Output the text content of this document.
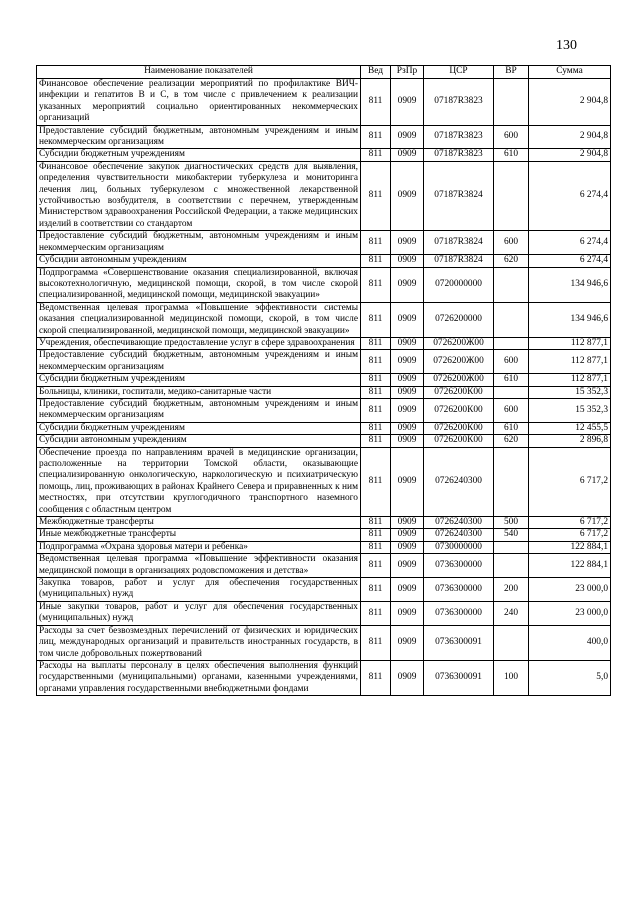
130
Наименование показателей	Вед	РзПр	ЦСР	ВР	Сумма
Финансовое обеспечение реализации мероприятий по профилактике ВИЧ-инфекции и гепатитов В и С, в том числе с привлечением к реализации указанных мероприятий социально ориентированных некоммерческих организаций	811	0909	07187R3823		2 904,8
Предоставление субсидий бюджетным, автономным учреждениям и иным некоммерческим организациям	811	0909	07187R3823	600	2 904,8
Субсидии бюджетным учреждениям	811	0909	07187R3823	610	2 904,8
Финансовое обеспечение закупок диагностических средств для выявления, определения чувствительности микобактерии туберкулеза и мониторинга лечения лиц, больных туберкулезом с множественной лекарственной устойчивостью возбудителя, в соответствии с перечнем, утвержденным Министерством здравоохранения Российской Федерации, а также медицинских изделий в соответствии со стандартом	811	0909	07187R3824		6 274,4
Предоставление субсидий бюджетным, автономным учреждениям и иным некоммерческим организациям	811	0909	07187R3824	600	6 274,4
Субсидии автономным учреждениям	811	0909	07187R3824	620	6 274,4
Подпрограмма «Совершенствование оказания специализированной, включая высокотехнологичную, медицинской помощи, скорой, в том числе скорой специализированной, медицинской помощи, медицинской эвакуации»	811	0909	0720000000		134 946,6
Ведомственная целевая программа «Повышение эффективности системы оказания специализированной медицинской помощи, скорой, в том числе скорой специализированной, медицинской помощи, медицинской эвакуации»	811	0909	0726200000		134 946,6
Учреждения, обеспечивающие предоставление услуг в сфере здравоохранения	811	0909	0726200Ж00		112 877,1
Предоставление субсидий бюджетным, автономным учреждениям и иным некоммерческим организациям	811	0909	0726200Ж00	600	112 877,1
Субсидии бюджетным учреждениям	811	0909	0726200Ж00	610	112 877,1
Больницы, клиники, госпитали, медико-санитарные части	811	0909	0726200К00		15 352,3
Предоставление субсидий бюджетным, автономным учреждениям и иным некоммерческим организациям	811	0909	0726200К00	600	15 352,3
Субсидии бюджетным учреждениям	811	0909	0726200К00	610	12 455,5
Субсидии автономным учреждениям	811	0909	0726200К00	620	2 896,8
Обеспечение проезда по направлениям врачей в медицинские организации, расположенные на территории Томской области, оказывающие специализированную онкологическую, наркологическую и психиатрическую помощь, лиц, проживающих в районах Крайнего Севера и приравненных к ним местностях, при отсутствии круглогодичного транспортного наземного сообщения с областным центром	811	0909	0726240300		6 717,2
Межбюджетные трансферты	811	0909	0726240300	500	6 717,2
Иные межбюджетные трансферты	811	0909	0726240300	540	6 717,2
Подпрограмма «Охрана здоровья матери и ребенка»	811	0909	0730000000		122 884,1
Ведомственная целевая программа «Повышение эффективности оказания медицинской помощи в организациях родовспоможения и детства»	811	0909	0736300000		122 884,1
Закупка товаров, работ и услуг для обеспечения государственных (муниципальных) нужд	811	0909	0736300000	200	23 000,0
Иные закупки товаров, работ и услуг для обеспечения государственных (муниципальных) нужд	811	0909	0736300000	240	23 000,0
Расходы за счет безвозмездных перечислений от физических и юридических лиц, международных организаций и правительств иностранных государств, в том числе добровольных пожертвований	811	0909	0736300091		400,0
Расходы на выплаты персоналу в целях обеспечения выполнения функций государственными (муниципальными) органами, казенными учреждениями, органами управления государственными внебюджетными фондами	811	0909	0736300091	100	5,0
